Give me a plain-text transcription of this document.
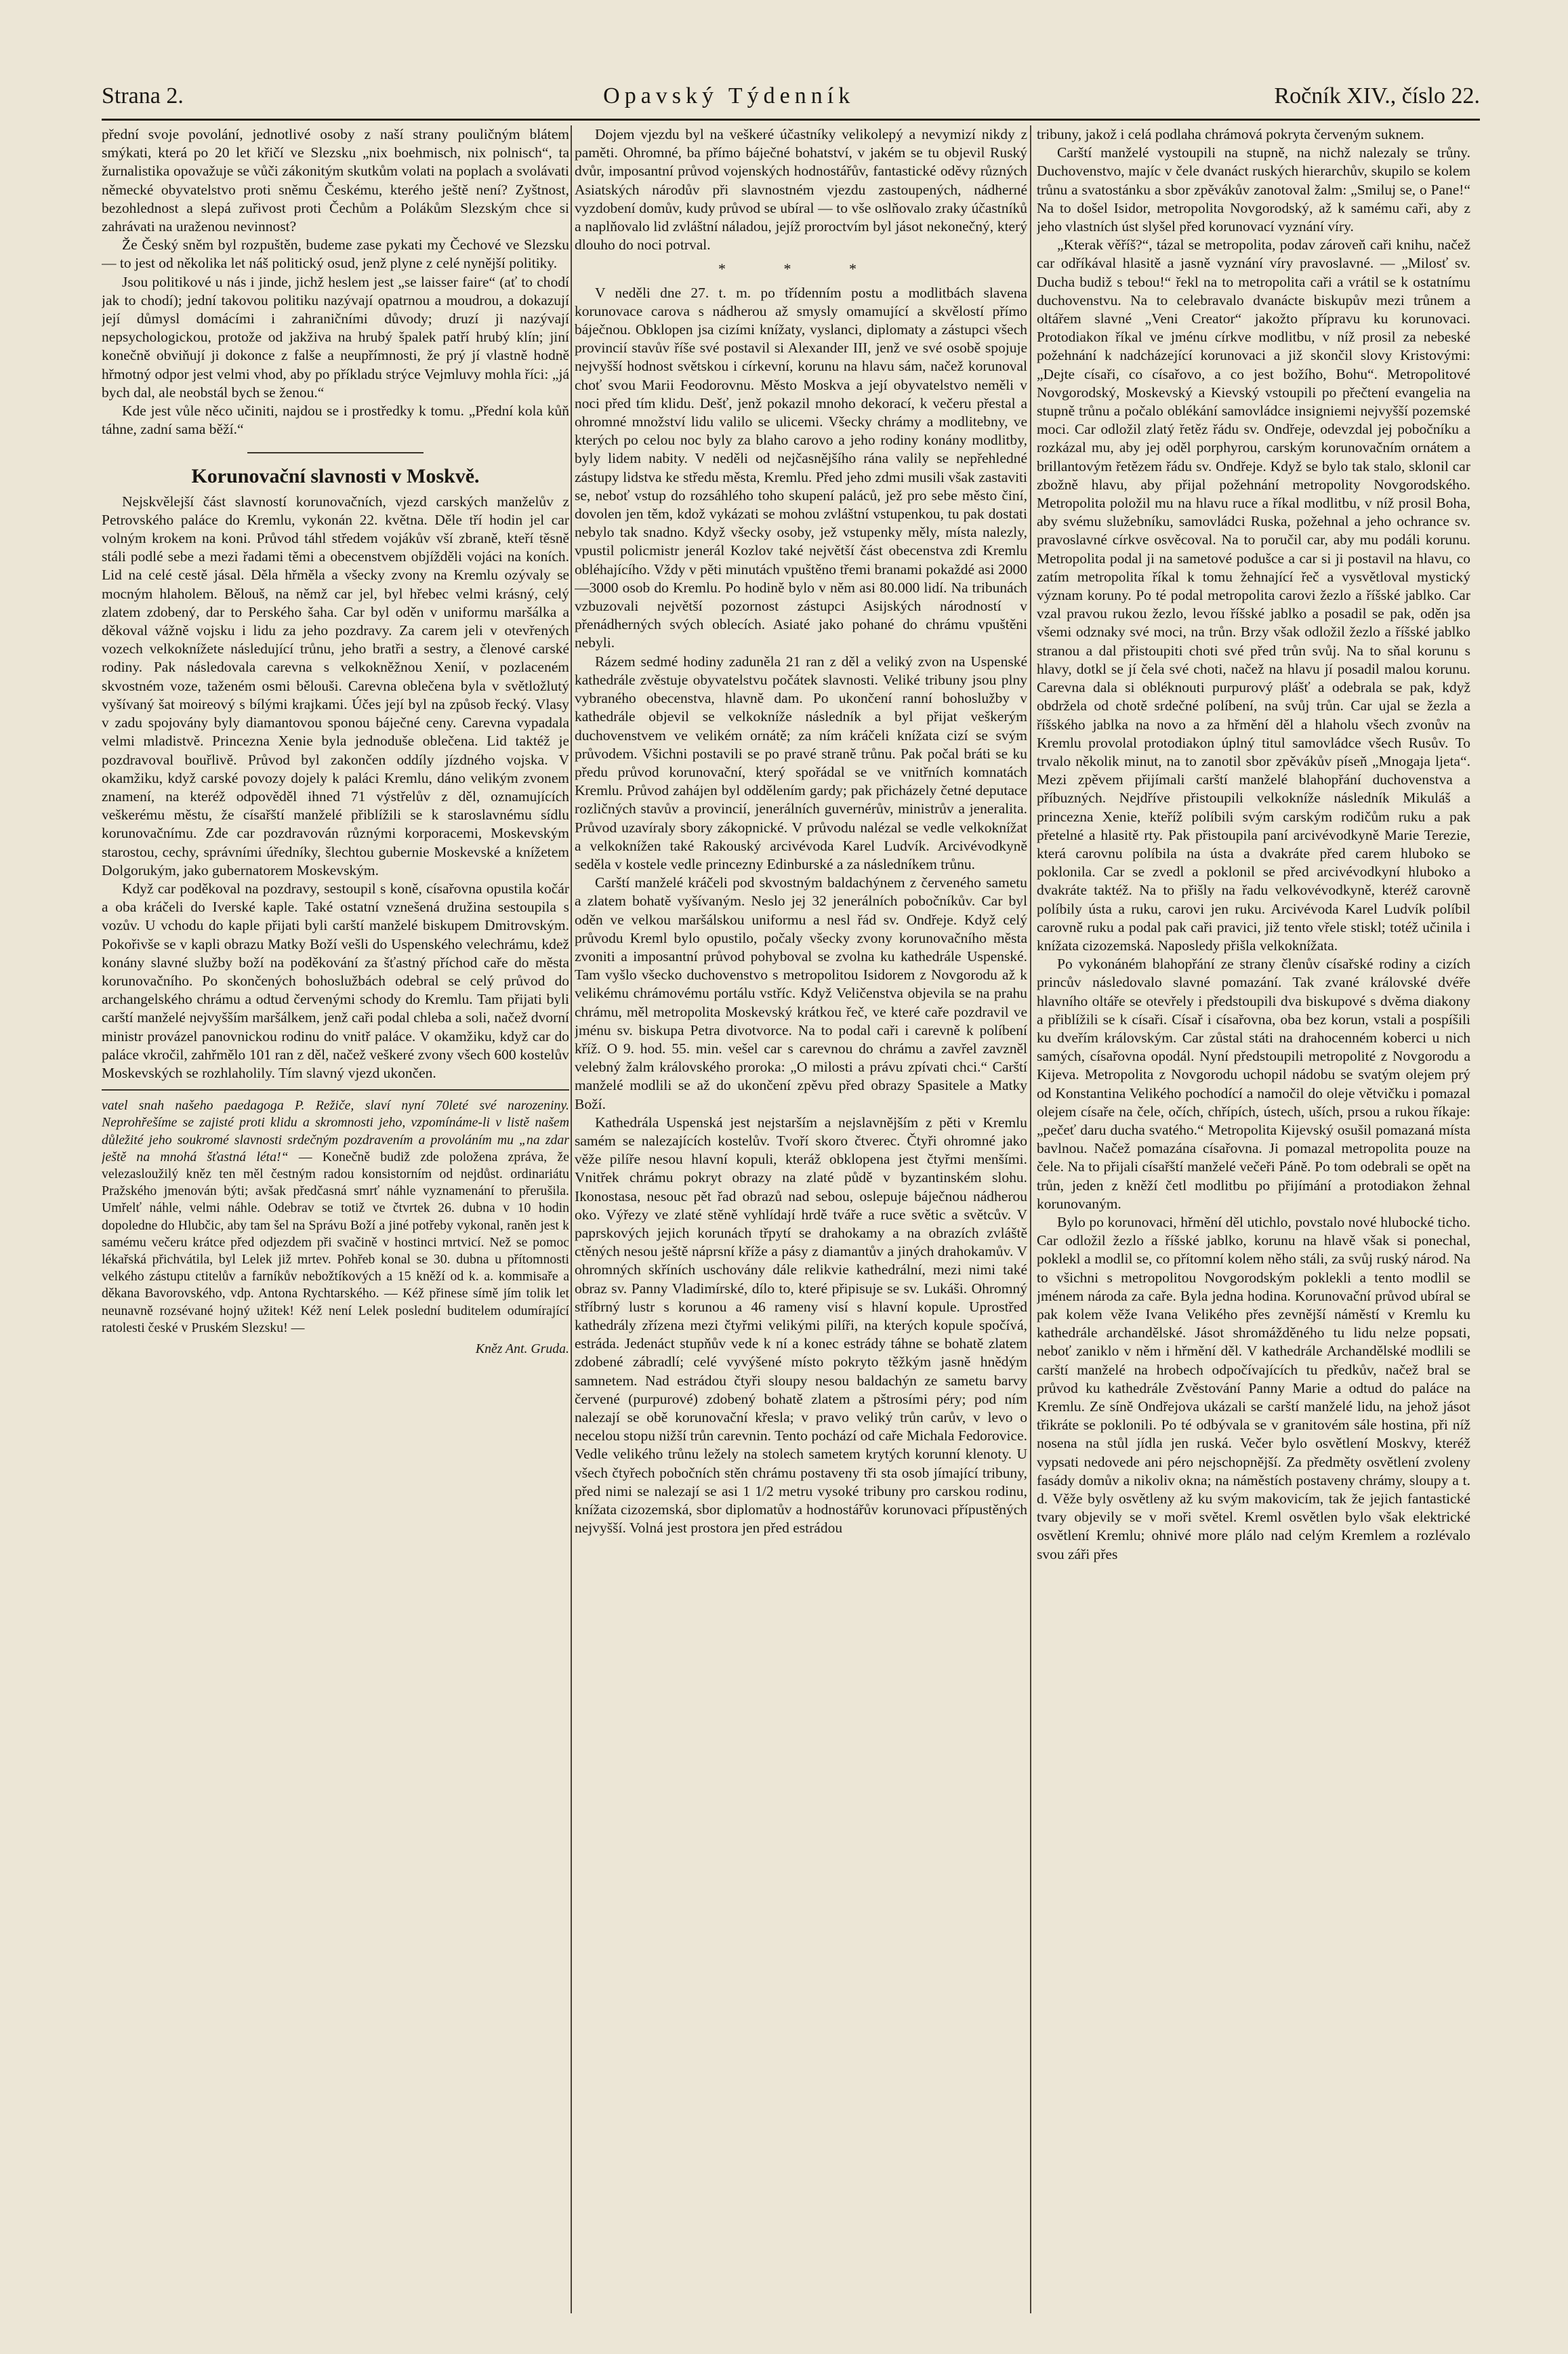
Strana 2.	Opavský Týdenník	Ročník XIV., číslo 22.

přední svoje povolání, jednotlivé osoby z naší strany pouličným blátem smýkati, která po 20 let křičí ve Slezsku „nix boehmisch, nix polnisch“, ta žurnalistika opovažuje se vůči zákonitým skutkům volati na poplach a svolávati německé obyvatelstvo proti sněmu Českému, kterého ještě není? Zyštnost, bezohlednost a slepá zuřivost proti Čechům a Polákům Slezským chce si zahrávati na uraženou nevinnost?

Že Český sněm byl rozpuštěn, budeme zase pykati my Čechové ve Slezsku — to jest od několika let náš politický osud, jenž plyne z celé nynější politiky.

Jsou politikové u nás i jinde, jichž heslem jest „se laisser faire“ (ať to chodí jak to chodí); jední takovou politiku nazývají opatrnou a moudrou, a dokazují její důmysl domácími i zahraničními důvody; druzí ji nazývají nepsychologickou, protože od jakživa na hrubý špalek patří hrubý klín; jiní konečně obviňují ji dokonce z falše a neupřímnosti, že prý jí vlastně hodně hřmotný odpor jest velmi vhod, aby po příkladu strýce Vejmluvy mohla říci: „já bych dal, ale neobstál bych se ženou.“

Kde jest vůle něco učiniti, najdou se i prostředky k tomu. „Přední kola kůň táhne, zadní sama běží.“

Korunovační slavnosti v Moskvě.

Nejskvělejší část slavností korunovačních, vjezd carských manželův z Petrovského paláce do Kremlu, vykonán 22. května. Děle tří hodin jel car volným krokem na koni. Průvod táhl středem vojákův vší zbraně, kteří těsně stáli podlé sebe a mezi řadami těmi a obecenstvem objížděli vojáci na koních. Lid na celé cestě jásal. Děla hřměla a všecky zvony na Kremlu ozývaly se mocným hlaholem. Bělouš, na němž car jel, byl hřebec velmi krásný, celý zlatem zdobený, dar to Perského šaha. Car byl oděn v uniformu maršálka a děkoval vážně vojsku i lidu za jeho pozdravy. Za carem jeli v otevřených vozech velkoknížete následující trůnu, jeho bratři a sestry, a členové carské rodiny. Pak následovala carevna s velkokněžnou Xenií, v pozlaceném skvostném voze, taženém osmi bělouši. Carevna oblečena byla v světložlutý vyšívaný šat moireový s bílými krajkami. Účes její byl na způsob řecký. Vlasy v zadu spojovány byly diamantovou sponou báječné ceny. Carevna vypadala velmi mladistvě. Princezna Xenie byla jednoduše oblečena. Lid taktéž je pozdravoval bouřlivě. Průvod byl zakončen oddíly jízdného vojska. V okamžiku, když carské povozy dojely k paláci Kremlu, dáno velikým zvonem znamení, na kteréž odpověděl ihned 71 výstřelův z děl, oznamujících veškerému městu, že císařští manželé přiblížili se k staroslavnému sídlu korunovačnímu. Zde car pozdravován různými korporacemi, Moskevským starostou, cechy, správními úředníky, šlechtou gubernie Moskevské a knížetem Dolgorukým, jako gubernatorem Moskevským.

Když car poděkoval na pozdravy, sestoupil s koně, císařovna opustila kočár a oba kráčeli do Iverské kaple. Také ostatní vznešená družina sestoupila s vozův. U vchodu do kaple přijati byli carští manželé biskupem Dmitrovským. Pokořivše se v kapli obrazu Matky Boží vešli do Uspenského velechrámu, kdež konány slavné služby boží na poděkování za šťastný příchod caře do města korunovačního. Po skončených bohoslužbách odebral se celý průvod do archangelského chrámu a odtud červenými schody do Kremlu. Tam přijati byli carští manželé nejvyšším maršálkem, jenž caři podal chleba a soli, načež dvorní ministr provázel panovnickou rodinu do vnitř paláce. V okamžiku, když car do paláce vkročil, zahřmělo 101 ran z děl, načež veškeré zvony všech 600 kostelův Moskevských se rozhlaholily. Tím slavný vjezd ukončen.

vatel snah našeho paedagoga P. Režiče, slaví nyní 70leté své narozeniny. Neprohřešíme se zajisté proti klidu a skromnosti jeho, vzpomínáme-li v listě našem důležité jeho soukromé slavnosti srdečným pozdravením a provoláním mu „na zdar ještě na mnohá šťastná léta!“ — Konečně budiž zde položena zpráva, že velezasloužilý kněz ten měl čestným radou konsistorním od nejdůst. ordinariátu Pražského jmenován býti; avšak předčasná smrť náhle vyznamenání to přerušila. Umřelť náhle, velmi náhle. Odebrav se totiž ve čtvrtek 26. dubna v 10 hodin dopoledne do Hlubčic, aby tam šel na Správu Boží a jiné potřeby vykonal, raněn jest k samému večeru krátce před odjezdem při svačině v hostinci mrtvicí. Než se pomoc lékařská přichvátila, byl Lelek již mrtev. Pohřeb konal se 30. dubna u přítomnosti velkého zástupu ctitelův a farníkův nebožtíkových a 15 kněží od k. a. kommisaře a děkana Bavorovského, vdp. Antona Rychtarského. — Kéž přinese símě jím tolik let neunavně rozsévané hojný užitek! Kéž není Lelek poslední buditelem odumírající ratolesti české v Pruském Slezsku! —
Kněz Ant. Gruda.

Dojem vjezdu byl na veškeré účastníky velikolepý a nevymizí nikdy z paměti. Ohromné, ba přímo báječné bohatství, v jakém se tu objevil Ruský dvůr, imposantní průvod vojenských hodnostářův, fantastické oděvy různých Asiatských národův při slavnostném vjezdu zastoupených, nádherné vyzdobení domův, kudy průvod se ubíral — to vše oslňovalo zraky účastníků a naplňovalo lid zvláštní náladou, jejíž proroctvím byl jásot nekonečný, který dlouho do noci potrval.

* * *

V neděli dne 27. t. m. po třídenním postu a modlitbách slavena korunovace carova s nádherou až smysly omamující a skvělostí přímo báječnou. Obklopen jsa cizími knížaty, vyslanci, diplomaty a zástupci všech provincií stavův říše své postavil si Alexander III, jenž ve své osobě spojuje nejvyšší hodnost světskou i církevní, korunu na hlavu sám, načež korunoval choť svou Marii Feodorovnu. Město Moskva a její obyvatelstvo neměli v noci před tím klidu. Dešť, jenž pokazil mnoho dekorací, k večeru přestal a ohromné množství lidu valilo se ulicemi. Všecky chrámy a modlitebny, ve kterých po celou noc byly za blaho carovo a jeho rodiny konány modlitby, byly lidem nabity. V neděli od nejčasnějšího rána valily se nepřehledné zástupy lidstva ke středu města, Kremlu. Před jeho zdmi musili však zastaviti se, neboť vstup do rozsáhlého toho skupení paláců, jež pro sebe město činí, dovolen jen těm, kdož vykázati se mohou zvláštní vstupenkou, tu pak dostati nebylo tak snadno. Když všecky osoby, jež vstupenky měly, místa nalezly, vpustil policmistr jenerál Kozlov také největší část obecenstva zdi Kremlu obléhajícího. Vždy v pěti minutách vpuštěno třemi branami pokaždé asi 2000—3000 osob do Kremlu. Po hodině bylo v něm asi 80.000 lidí. Na tribunách vzbuzovali největší pozornost zástupci Asijských národností v přenádherných svých oblecích. Asiaté jako pohané do chrámu vpuštěni nebyli.

Rázem sedmé hodiny zaduněla 21 ran z děl a veliký zvon na Uspenské kathedrále zvěstuje obyvatelstvu počátek slavnosti. Veliké tribuny jsou plny vybraného obecenstva, hlavně dam. Po ukončení ranní bohoslužby v kathedrále objevil se velkokníže následník a byl přijat veškerým duchovenstvem ve velikém ornátě; za ním kráčeli knížata cizí se svým průvodem. Všichni postavili se po pravé straně trůnu. Pak počal bráti se ku předu průvod korunovační, který spořádal se ve vnitřních komnatách Kremlu. Průvod zahájen byl oddělením gardy; pak přicházely četné deputace rozličných stavův a provincií, jenerálních guvernérův, ministrův a jeneralita. Průvod uzavíraly sbory zákopnické. V průvodu nalézal se vedle velkoknížat a velkoknížen také Rakouský arcivévoda Karel Ludvík. Arcivévodkyně seděla v kostele vedle princezny Edinburské a za následníkem trůnu.

Carští manželé kráčeli pod skvostným baldachýnem z červeného sametu a zlatem bohatě vyšívaným. Neslo jej 32 jenerálních pobočníkův. Car byl oděn ve velkou maršálskou uniformu a nesl řád sv. Ondřeje. Když celý průvodu Kreml bylo opustilo, počaly všecky zvony korunovačního města zvoniti a imposantní průvod pohyboval se zvolna ku kathedrále Uspenské. Tam vyšlo všecko duchovenstvo s metropolitou Isidorem z Novgorodu až k velikému chrámovému portálu vstříc. Když Veličenstva objevila se na prahu chrámu, měl metropolita Moskevský krátkou řeč, ve které caře pozdravil ve jménu sv. biskupa Petra divotvorce. Na to podal caři i carevně k políbení kříž. O 9. hod. 55. min. vešel car s carevnou do chrámu a zavřel zavzněl velebný žalm královského proroka: „O milosti a právu zpívati chci.“ Carští manželé modlili se až do ukončení zpěvu před obrazy Spasitele a Matky Boží.

Kathedrála Uspenská jest nejstarším a nejslavnějším z pěti v Kremlu samém se nalezajících kostelův. Tvoří skoro čtverec. Čtyři ohromné jako věže pilíře nesou hlavní kopuli, kteráž obklopena jest čtyřmi menšími. Vnitřek chrámu pokryt obrazy na zlaté půdě v byzantinském slohu. Ikonostasa, nesouc pět řad obrazů nad sebou, oslepuje báječnou nádherou oko. Výřezy ve zlaté stěně vyhlídají hrdě tváře a ruce světic a světcův. V paprskových jejich korunách třpytí se drahokamy a na obrazích zvláště ctěných nesou ještě náprsní kříže a pásy z diamantův a jiných drahokamův. V ohromných skříních uschovány dále relikvie kathedrální, mezi nimi také obraz sv. Panny Vladimírské, dílo to, které připisuje se sv. Lukáši. Ohromný stříbrný lustr s korunou a 46 rameny visí s hlavní kopule. Uprostřed kathedrály zřízena mezi čtyřmi velikými pilíři, na kterých kopule spočívá, estráda. Jedenáct stupňův vede k ní a konec estrády táhne se bohatě zlatem zdobené zábradlí; celé vyvýšené místo pokryto těžkým jasně hnědým samnetem. Nad estrádou čtyři sloupy nesou baldachýn ze sametu barvy červené (purpurové) zdobený bohatě zlatem a pštrosími péry; pod ním nalezají se obě korunovační křesla; v pravo veliký trůn carův, v levo o necelou stopu nižší trůn carevnin. Tento pochází od caře Michala Fedorovice. Vedle velikého trůnu ležely na stolech sametem krytých korunní klenoty. U všech čtyřech pobočních stěn chrámu postaveny tři sta osob jímající tribuny, před nimi se nalezají se asi 1 1/2 metru vysoké tribuny pro carskou rodinu, knížata cizozemská, sbor diplomatův a hodnostářův korunovaci přípustěných nejvyšší. Volná jest prostora jen před estrádou

tribuny, jakož i celá podlaha chrámová pokryta červeným suknem.

Carští manželé vystoupili na stupně, na nichž nalezaly se trůny. Duchovenstvo, majíc v čele dvanáct ruských hierarchův, skupilo se kolem trůnu a svatostánku a sbor zpěvákův zanotoval žalm: „Smiluj se, o Pane!“ Na to došel Isidor, metropolita Novgorodský, až k samému caři, aby z jeho vlastních úst slyšel před korunovací vyznání víry.

„Kterak věříš?“, tázal se metropolita, podav zároveň caři knihu, načež car odříkával hlasitě a jasně vyznání víry pravoslavné. — „Milosť sv. Ducha budiž s tebou!“ řekl na to metropolita caři a vrátil se k ostatnímu duchovenstvu. Na to celebravalo dvanácte biskupův mezi trůnem a oltářem slavné „Veni Creator“ jakožto přípravu ku korunovaci. Protodiakon říkal ve jménu církve modlitbu, v níž prosil za nebeské požehnání k nadcházející korunovaci a již skončil slovy Kristovými: „Dejte císaři, co císařovo, a co jest božího, Bohu“. Metropolitové Novgorodský, Moskevský a Kievský vstoupili po přečtení evangelia na stupně trůnu a počalo oblékání samovládce insigniemi nejvyšší pozemské moci. Car odložil zlatý řetěz řádu sv. Ondřeje, odevzdal jej pobočníku a rozkázal mu, aby jej oděl porphyrou, carským korunovačním ornátem a brillantovým řetězem řádu sv. Ondřeje. Když se bylo tak stalo, sklonil car zbožně hlavu, aby přijal požehnání metropolity Novgorodského. Metropolita položil mu na hlavu ruce a říkal modlitbu, v níž prosil Boha, aby svému služebníku, samovládci Ruska, požehnal a jeho ochrance sv. pravoslavné církve osvěcoval. Na to poručil car, aby mu podáli korunu. Metropolita podal ji na sametové podušce a car si ji postavil na hlavu, co zatím metropolita říkal k tomu žehnající řeč a vysvětloval mystický význam koruny. Po té podal metropolita carovi žezlo a říšské jablko. Car vzal pravou rukou žezlo, levou říšské jablko a posadil se pak, oděn jsa všemi odznaky své moci, na trůn. Brzy však odložil žezlo a říšské jablko stranou a dal přistoupiti choti své před trůn svůj. Na to sňal korunu s hlavy, dotkl se jí čela své choti, načež na hlavu jí posadil malou korunu. Carevna dala si obléknouti purpurový plášť a odebrala se pak, když obdržela od chotě srdečné políbení, na svůj trůn. Car ujal se žezla a říšského jablka na novo a za hřmění děl a hlaholu všech zvonův na Kremlu provolal protodiakon úplný titul samovládce všech Rusův. To trvalo několik minut, na to zanotil sbor zpěvákův píseň „Mnogaja ljeta“. Mezi zpěvem přijímali carští manželé blahopřání duchovenstva a příbuzných. Nejdříve přistoupili velkokníže následník Mikuláš a princezna Xenie, kteříž políbili svým carským rodičům ruku a pak přetelné a hlasitě rty. Pak přistoupila paní arcivévodkyně Marie Terezie, která carovnu políbila na ústa a dvakráte před carem hluboko se poklonila. Car se zvedl a poklonil se před arcivévodkyní hluboko a dvakráte taktéž. Na to přišly na řadu velkovévodkyně, kteréž carovně políbily ústa a ruku, carovi jen ruku. Arcivévoda Karel Ludvík políbil carovně ruku a podal pak caři pravici, již tento vřele stiskl; totéž učinila i knížata cizozemská. Naposledy přišla velkoknížata.

Po vykonáném blahopřání ze strany členův císařské rodiny a cizích princův následovalo slavné pomazání. Tak zvané královské dvéře hlavního oltáře se otevřely i předstoupili dva biskupové s dvěma diakony a přiblížili se k císaři. Císař i císařovna, oba bez korun, vstali a pospíšili ku dveřím královským. Car zůstal státi na drahocenném koberci u nich samých, císařovna opodál. Nyní předstoupili metropolité z Novgorodu a Kijeva. Metropolita z Novgorodu uchopil nádobu se svatým olejem prý od Konstantina Velikého pochodící a namočil do oleje větvičku i pomazal olejem císaře na čele, očích, chřípích, ústech, uších, prsou a rukou říkaje: „pečeť daru ducha svatého.“ Metropolita Kijevský osušil pomazaná místa bavlnou. Načež pomazána císařovna. Ji pomazal metropolita pouze na čele. Na to přijali císařští manželé večeři Páně. Po tom odebrali se opět na trůn, jeden z kněží četl modlitbu po přijímání a protodiakon žehnal korunovaným.

Bylo po korunovaci, hřmění děl utichlo, povstalo nové hlubocké ticho. Car odložil žezlo a říšské jablko, korunu na hlavě však si ponechal, poklekl a modlil se, co přítomní kolem něho stáli, za svůj ruský národ. Na to všichni s metropolitou Novgorodským poklekli a tento modlil se jménem národa za caře. Byla jedna hodina. Korunovační průvod ubíral se pak kolem věže Ivana Velikého přes zevnější náměstí v Kremlu ku kathedrále archandělské. Jásot shromážděného tu lidu nelze popsati, neboť zaniklo v něm i hřmění děl. V kathedrále Archandělské modlili se carští manželé na hrobech odpočívajících tu předkův, načež bral se průvod ku kathedrále Zvěstování Panny Marie a odtud do paláce na Kremlu. Ze síně Ondřejova ukázali se carští manželé lidu, na jehož jásot třikráte se poklonili. Po té odbývala se v granitovém sále hostina, při níž nosena na stůl jídla jen ruská. Večer bylo osvětlení Moskvy, kteréž vypsati nedovede ani péro nejschopnější. Za předměty osvětlení zvoleny fasády domův a nikoliv okna; na náměstích postaveny chrámy, sloupy a t. d. Věže byly osvětleny až ku svým makovicím, tak že jejich fantastické tvary objevily se v moři světel. Kreml osvětlen bylo však elektrické osvětlení Kremlu; ohnivé more plálo nad celým Kremlem a rozlévalo svou záři přes
